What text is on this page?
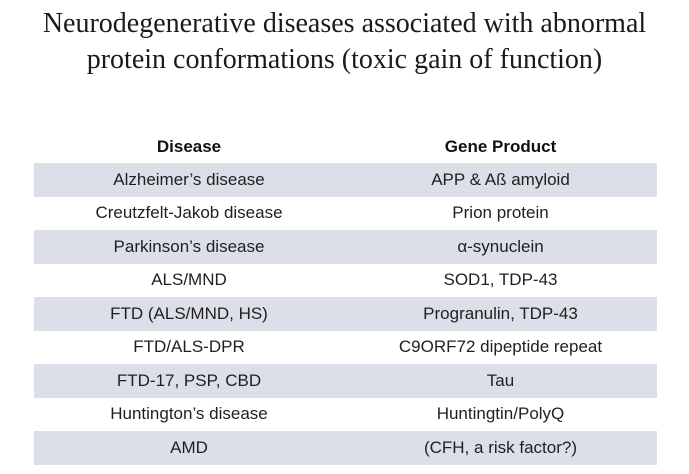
Neurodegenerative diseases associated with abnormal
protein conformations (toxic gain of function)
Disease	Gene Product
Alzheimer’s disease	APP & Aß amyloid
Creutzfelt-Jakob disease	Prion protein
Parkinson’s disease	α-synuclein
ALS/MND	SOD1, TDP-43
FTD (ALS/MND, HS)	Progranulin, TDP-43
FTD/ALS-DPR	C9ORF72 dipeptide repeat
FTD-17, PSP, CBD	Tau
Huntington’s disease	Huntingtin/PolyQ
AMD	(CFH, a risk factor?)
